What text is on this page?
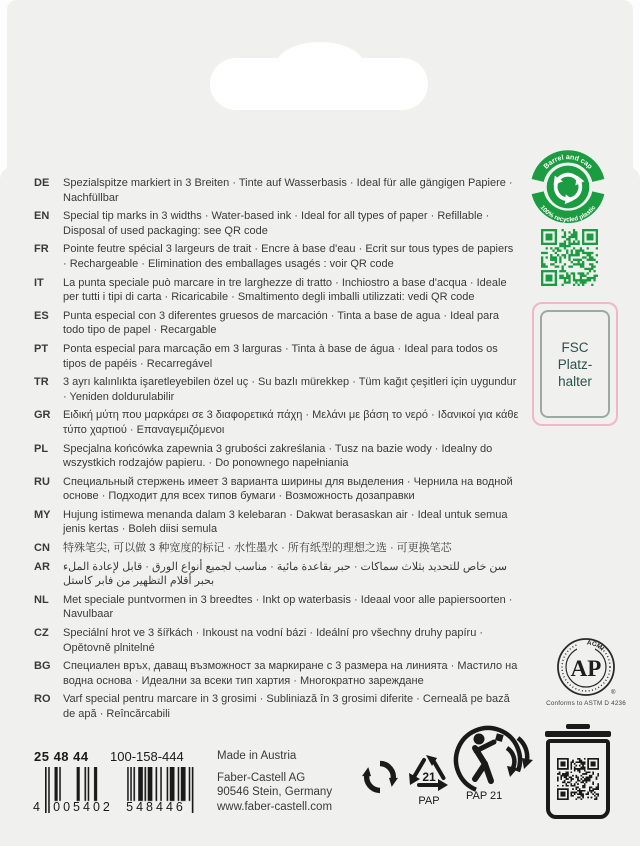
DE	Spezialspitze markiert in 3 Breiten · Tinte auf Wasserbasis · Ideal für alle gängigen Papiere · Nachfüllbar
EN	Special tip marks in 3 widths · Water-based ink · Ideal for all types of paper · Refillable · Disposal of used packaging: see QR code
FR	Pointe feutre spécial 3 largeurs de trait · Encre à base d'eau · Ecrit sur tous types de papiers · Rechargeable · Elimination des emballages usagés : voir QR code
IT	La punta speciale può marcare in tre larghezze di tratto · Inchiostro a base d'acqua · Ideale per tutti i tipi di carta · Ricaricabile · Smaltimento degli imballi utilizzati: vedi QR code
ES	Punta especial con 3 diferentes gruesos de marcación · Tinta a base de agua · Ideal para todo tipo de papel · Recargable
PT	Ponta especial para marcação em 3 larguras · Tinta à base de água · Ideal para todos os tipos de papéis · Recarregável
TR	3 ayrı kalınlıkta işaretleyebilen özel uç · Su bazlı mürekkep · Tüm kağıt çeşitleri için uygundur · Yeniden doldurulabilir
GR	Ειδική μύτη που μαρκάρει σε 3 διαφορετικά πάχη · Μελάνι με βάση το νερό · Ιδανικοί για κάθε τύπο χαρτιού · Επαναγεμιζόμενοι
PL	Specjalna końcówka zapewnia 3 grubości zakreślania · Tusz na bazie wody · Idealny do wszystkich rodzajów papieru. · Do ponownego napełniania
RU	Специальный стержень имеет 3 варианта ширины для выделения · Чернила на водной основе · Подходит для всех типов бумаги · Возможность дозаправки
MY	Hujung istimewa menanda dalam 3 kelebaran · Dakwat berasaskan air · Ideal untuk semua jenis kertas · Boleh diisi semula
CN	特殊笔尖, 可以做 3 种宽度的标记 · 水性墨水 · 所有纸型的理想之选 · 可更换笔芯
AR	سن خاص للتحديد بثلاث سماكات · حبر بقاعدة مائية · مناسب لجميع أنواع الورق · قابل لإعادة الملء بحبر أقلام التظهير من فابر كاستل
NL	Met speciale puntvormen in 3 breedtes · Inkt op waterbasis · Ideaal voor alle papiersoorten · Navulbaar
CZ	Speciální hrot ve 3 šířkách · Inkoust na vodní bázi · Ideální pro všechny druhy papíru · Opětovně plnitelné
BG	Специален връх, даващ възможност за маркиране с 3 размера на линията · Мастило на водна основа · Идеални за всеки тип хартия · Многократно зареждане
RO	Varf special pentru marcare in 3 grosimi · Subliniază în 3 grosimi diferite · Cerneală pe bază de apă · Reîncărcabili
Barrel and cap
100% recycled plastic
FSC
Platz-
halter
ACMI
AP
®
Conforms to ASTM D 4236
25 48 44 100-158-444
4 005402 548446
Made in Austria
Faber-Castell AG
90546 Stein, Germany
www.faber-castell.com
21
PAP	PAP 21
